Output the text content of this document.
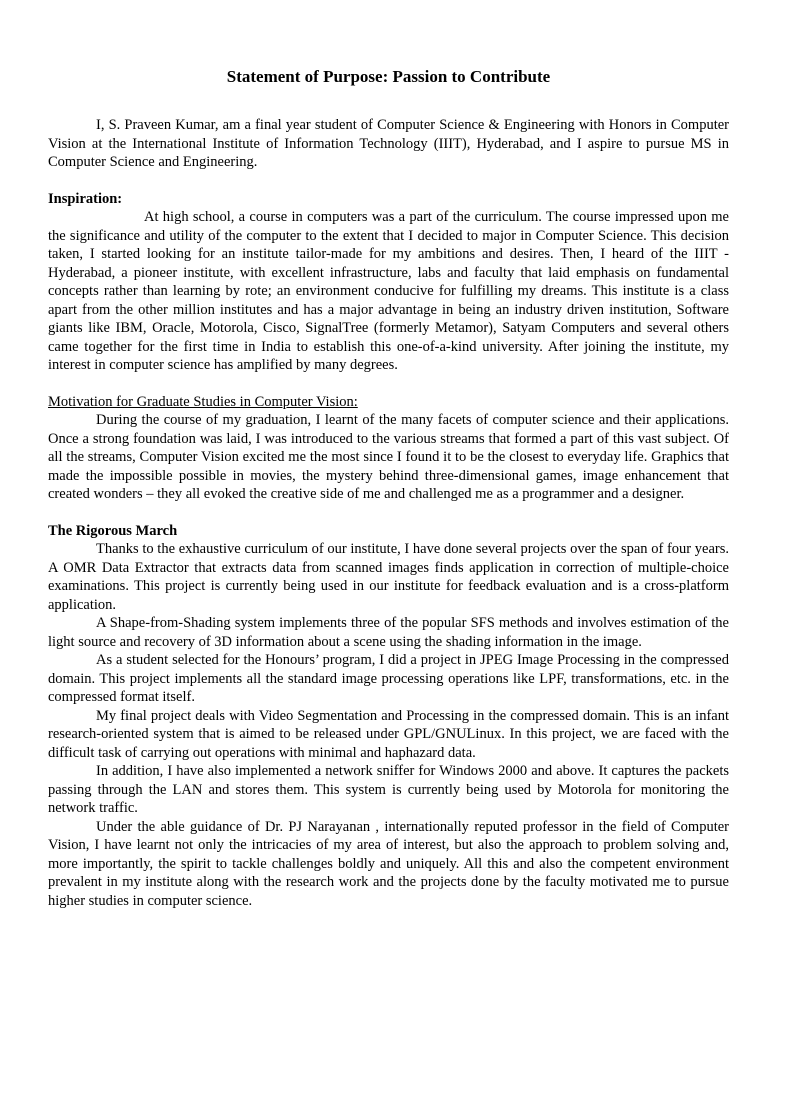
Statement of Purpose: Passion to Contribute

I, S. Praveen Kumar, am a final year student of Computer Science & Engineering with Honors in Computer Vision at the International Institute of Information Technology (IIIT), Hyderabad, and I aspire to pursue MS in Computer Science and Engineering.

Inspiration:

At high school, a course in computers was a part of the curriculum. The course impressed upon me the significance and utility of the computer to the extent that I decided to major in Computer Science. This decision taken, I started looking for an institute tailor-made for my ambitions and desires. Then, I heard of the IIIT - Hyderabad, a pioneer institute, with excellent infrastructure, labs and faculty that laid emphasis on fundamental concepts rather than learning by rote; an environment conducive for fulfilling my dreams. This institute is a class apart from the other million institutes and has a major advantage in being an industry driven institution, Software giants like IBM, Oracle, Motorola, Cisco, SignalTree (formerly Metamor), Satyam Computers and several others came together for the first time in India to establish this one-of-a-kind university. After joining the institute, my interest in computer science has amplified by many degrees.

Motivation for Graduate Studies in Computer Vision:

During the course of my graduation, I learnt of the many facets of computer science and their applications. Once a strong foundation was laid, I was introduced to the various streams that formed a part of this vast subject. Of all the streams, Computer Vision excited me the most since I found it to be the closest to everyday life. Graphics that made the impossible possible in movies, the mystery behind three-dimensional games, image enhancement that created wonders – they all evoked the creative side of me and challenged me as a programmer and a designer.

The Rigorous March

Thanks to the exhaustive curriculum of our institute, I have done several projects over the span of four years. A OMR Data Extractor that extracts data from scanned images finds application in correction of multiple-choice examinations. This project is currently being used in our institute for feedback evaluation and is a cross-platform application.

A Shape-from-Shading system implements three of the popular SFS methods and involves estimation of the light source and recovery of 3D information about a scene using the shading information in the image.

As a student selected for the Honours’ program, I did a project in JPEG Image Processing in the compressed domain. This project implements all the standard image processing operations like LPF, transformations, etc. in the compressed format itself.

My final project deals with Video Segmentation and Processing in the compressed domain. This is an infant research-oriented system that is aimed to be released under GPL/GNULinux. In this project, we are faced with the difficult task of carrying out operations with minimal and haphazard data.

In addition, I have also implemented a network sniffer for Windows 2000 and above. It captures the packets passing through the LAN and stores them. This system is currently being used by Motorola for monitoring the network traffic.

Under the able guidance of Dr. PJ Narayanan , internationally reputed professor in the field of Computer Vision, I have learnt not only the intricacies of my area of interest, but also the approach to problem solving and, more importantly, the spirit to tackle challenges boldly and uniquely. All this and also the competent environment prevalent in my institute along with the research work and the projects done by the faculty motivated me to pursue higher studies in computer science.
